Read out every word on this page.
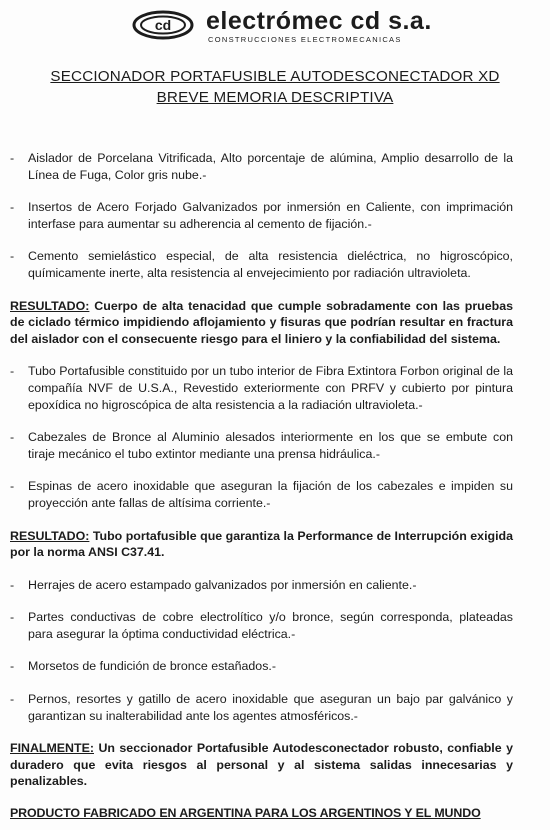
cd electrómec cd s.a.
CONSTRUCCIONES ELECTROMECANICAS
SECCIONADOR PORTAFUSIBLE AUTODESCONECTADOR XD
BREVE MEMORIA DESCRIPTIVA
-	Aislador de Porcelana Vitrificada, Alto porcentaje de alúmina, Amplio desarrollo de la Línea de Fuga, Color gris nube.-
-	Insertos de Acero Forjado Galvanizados por inmersión en Caliente, con imprimación interfase para aumentar su adherencia al cemento de fijación.-
-	Cemento semielástico especial, de alta resistencia dieléctrica, no higroscópico, químicamente inerte, alta resistencia al envejecimiento por radiación ultravioleta.
RESULTADO: Cuerpo de alta tenacidad que cumple sobradamente con las pruebas de ciclado térmico impidiendo aflojamiento y fisuras que podrían resultar en fractura del aislador con el consecuente riesgo para el liniero y la confiabilidad del sistema.
-	Tubo Portafusible constituido por un tubo interior de Fibra Extintora Forbon original de la compañía NVF de U.S.A., Revestido exteriormente con PRFV y cubierto por pintura epoxídica no higroscópica de alta resistencia a la radiación ultravioleta.-
-	Cabezales de Bronce al Aluminio alesados interiormente en los que se embute con tiraje mecánico el tubo extintor mediante una prensa hidráulica.-
-	Espinas de acero inoxidable que aseguran la fijación de los cabezales e impiden su proyección ante fallas de altísima corriente.-
RESULTADO: Tubo portafusible que garantiza la Performance de Interrupción exigida por la norma ANSI C37.41.
-	Herrajes de acero estampado galvanizados por inmersión en caliente.-
-	Partes conductivas de cobre electrolítico y/o bronce, según corresponda, plateadas para asegurar la óptima conductividad eléctrica.-
-	Morsetos de fundición de bronce estañados.-
-	Pernos, resortes y gatillo de acero inoxidable que aseguran un bajo par galvánico y garantizan su inalterabilidad ante los agentes atmosféricos.-
FINALMENTE: Un seccionador Portafusible Autodesconectador robusto, confiable y duradero que evita riesgos al personal y al sistema salidas innecesarias y penalizables.
PRODUCTO FABRICADO EN ARGENTINA PARA LOS ARGENTINOS Y EL MUNDO
